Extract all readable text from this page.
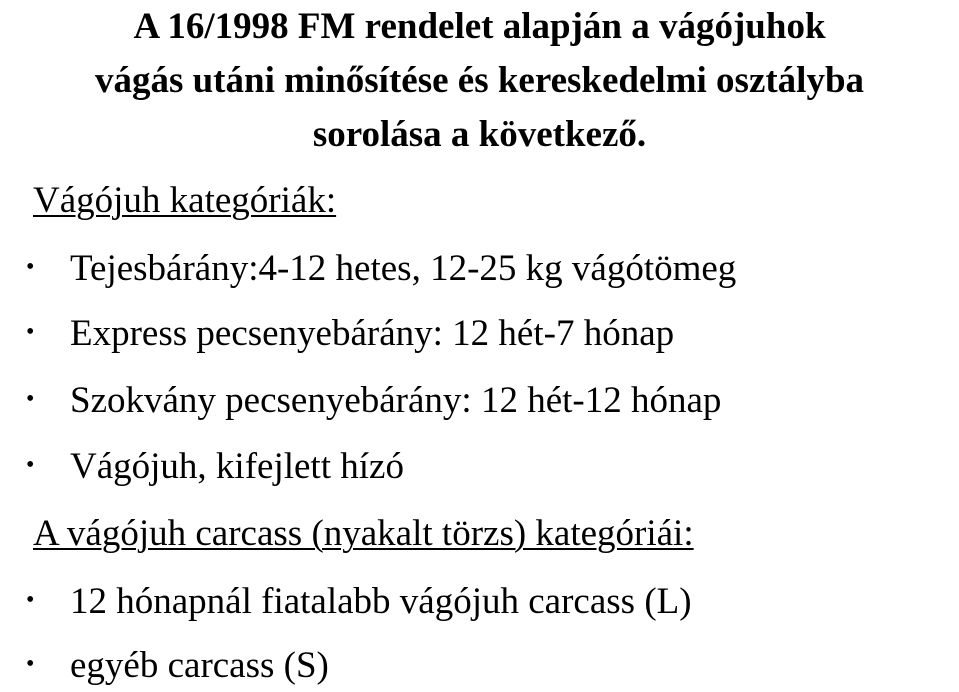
A 16/1998 FM rendelet alapján a vágójuhok
vágás utáni minősítése és kereskedelmi osztályba
sorolása a következő.
Vágójuh kategóriák:
• Tejesbárány:4-12 hetes, 12-25 kg vágótömeg
• Express pecsenyebárány: 12 hét-7 hónap
• Szokvány pecsenyebárány: 12 hét-12 hónap
• Vágójuh, kifejlett hízó
A vágójuh carcass (nyakalt törzs) kategóriái:
• 12 hónapnál fiatalabb vágójuh carcass (L)
• egyéb carcass (S)
